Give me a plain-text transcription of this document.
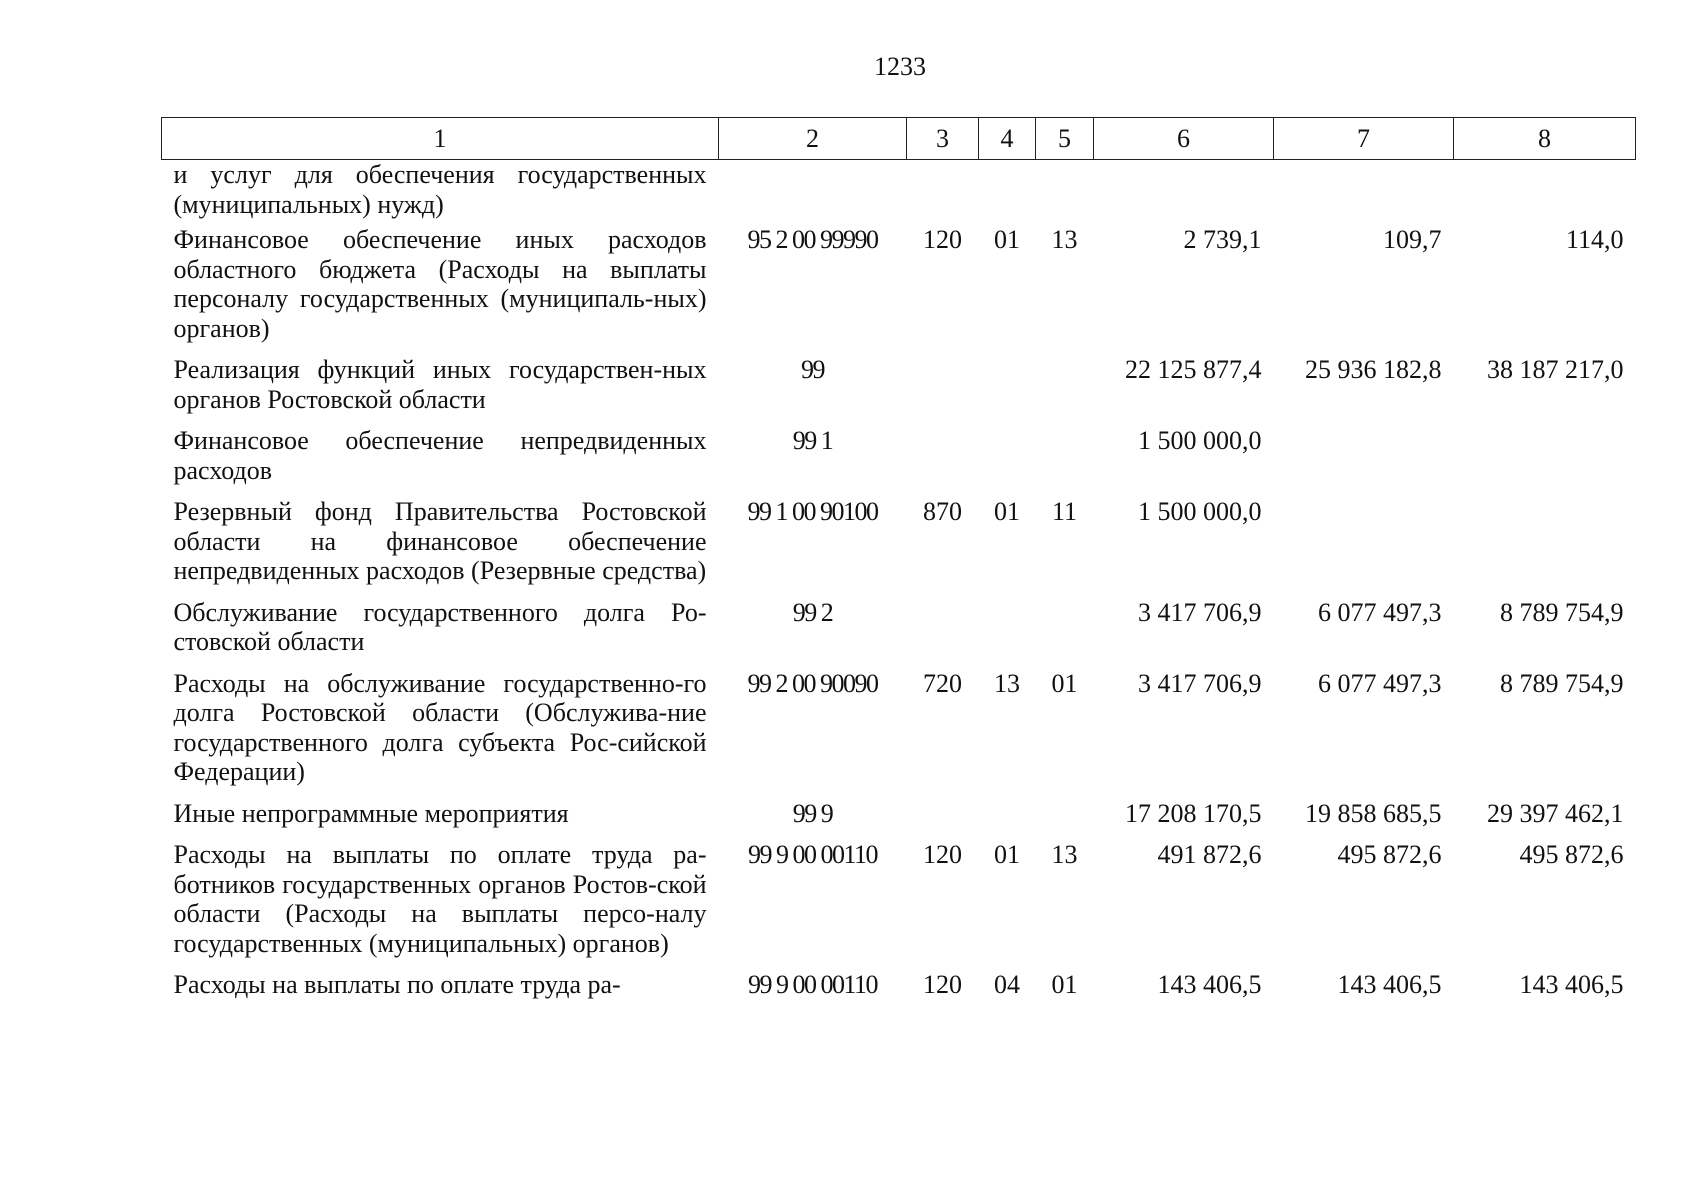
1233
1	2	3	4	5	6	7	8
и услуг для обеспечения государственных (муниципальных) нужд)							
Финансовое обеспечение иных расходов областного бюджета (Расходы на выплаты персоналу государственных (муниципаль-ных) органов)	95 2 00 99990	120	01	13	2 739,1	109,7	114,0
Реализация функций иных государствен-ных органов Ростовской области	99				22 125 877,4	25 936 182,8	38 187 217,0
Финансовое обеспечение непредвиденных расходов	99 1				1 500 000,0		
Резервный фонд Правительства Ростовской области на финансовое обеспечение непредвиденных расходов (Резервные средства)	99 1 00 90100	870	01	11	1 500 000,0		
Обслуживание государственного долга Ро-стовской области	99 2				3 417 706,9	6 077 497,3	8 789 754,9
Расходы на обслуживание государственно-го долга Ростовской области (Обслужива-ние государственного долга субъекта Рос-сийской Федерации)	99 2 00 90090	720	13	01	3 417 706,9	6 077 497,3	8 789 754,9
Иные непрограммные мероприятия	99 9				17 208 170,5	19 858 685,5	29 397 462,1
Расходы на выплаты по оплате труда ра-ботников государственных органов Ростов-ской области (Расходы на выплаты персо-налу государственных (муниципальных) органов)	99 9 00 00110	120	01	13	491 872,6	495 872,6	495 872,6
Расходы на выплаты по оплате труда ра-	99 9 00 00110	120	04	01	143 406,5	143 406,5	143 406,5
